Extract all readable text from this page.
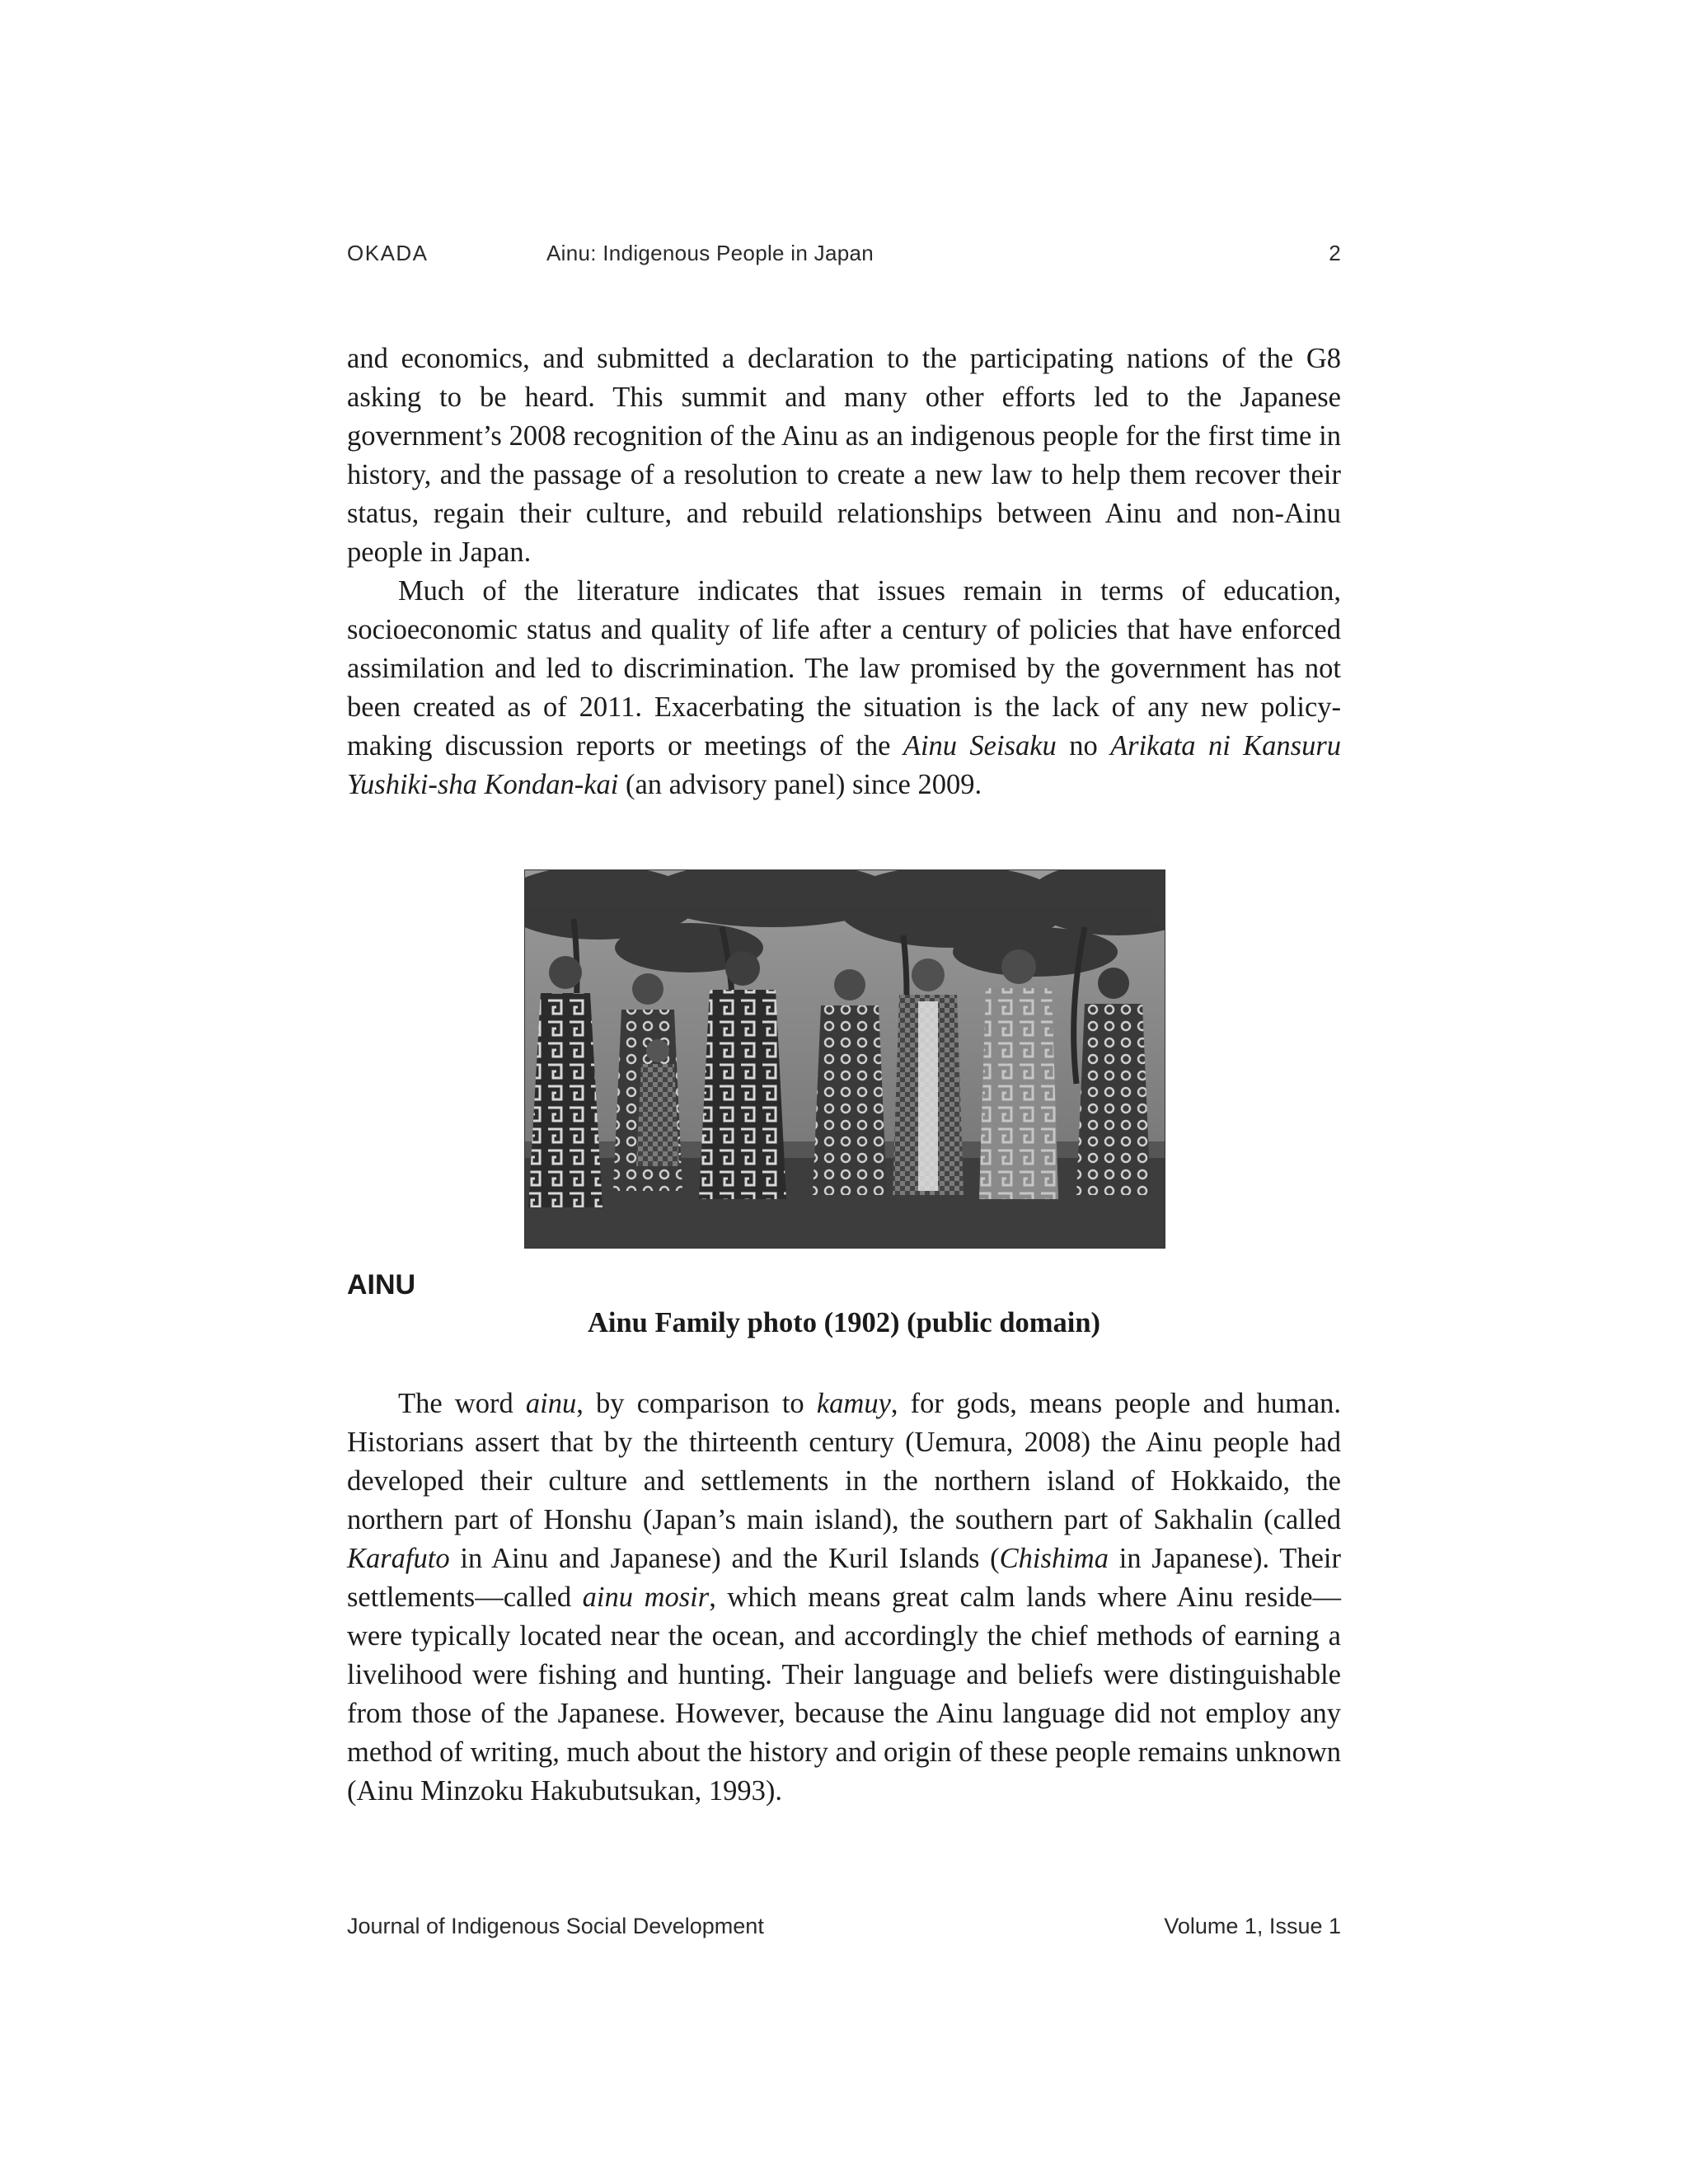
OKADA	Ainu: Indigenous People in Japan	2

and economics, and submitted a declaration to the participating nations of the G8 asking to be heard. This summit and many other efforts led to the Japanese government’s 2008 recognition of the Ainu as an indigenous people for the first time in history, and the passage of a resolution to create a new law to help them recover their status, regain their culture, and rebuild relationships between Ainu and non-Ainu people in Japan.

Much of the literature indicates that issues remain in terms of education, socioeconomic status and quality of life after a century of policies that have enforced assimilation and led to discrimination. The law promised by the government has not been created as of 2011. Exacerbating the situation is the lack of any new policy-making discussion reports or meetings of the Ainu Seisaku no Arikata ni Kansuru Yushiki-sha Kondan-kai (an advisory panel) since 2009.

AINU

Ainu Family photo (1902) (public domain)

The word ainu, by comparison to kamuy, for gods, means people and human. Historians assert that by the thirteenth century (Uemura, 2008) the Ainu people had developed their culture and settlements in the northern island of Hokkaido, the northern part of Honshu (Japan’s main island), the southern part of Sakhalin (called Karafuto in Ainu and Japanese) and the Kuril Islands (Chishima in Japanese). Their settlements—called ainu mosir, which means great calm lands where Ainu reside—were typically located near the ocean, and accordingly the chief methods of earning a livelihood were fishing and hunting. Their language and beliefs were distinguishable from those of the Japanese. However, because the Ainu language did not employ any method of writing, much about the history and origin of these people remains unknown (Ainu Minzoku Hakubutsukan, 1993).

Journal of Indigenous Social Development	Volume 1, Issue 1
